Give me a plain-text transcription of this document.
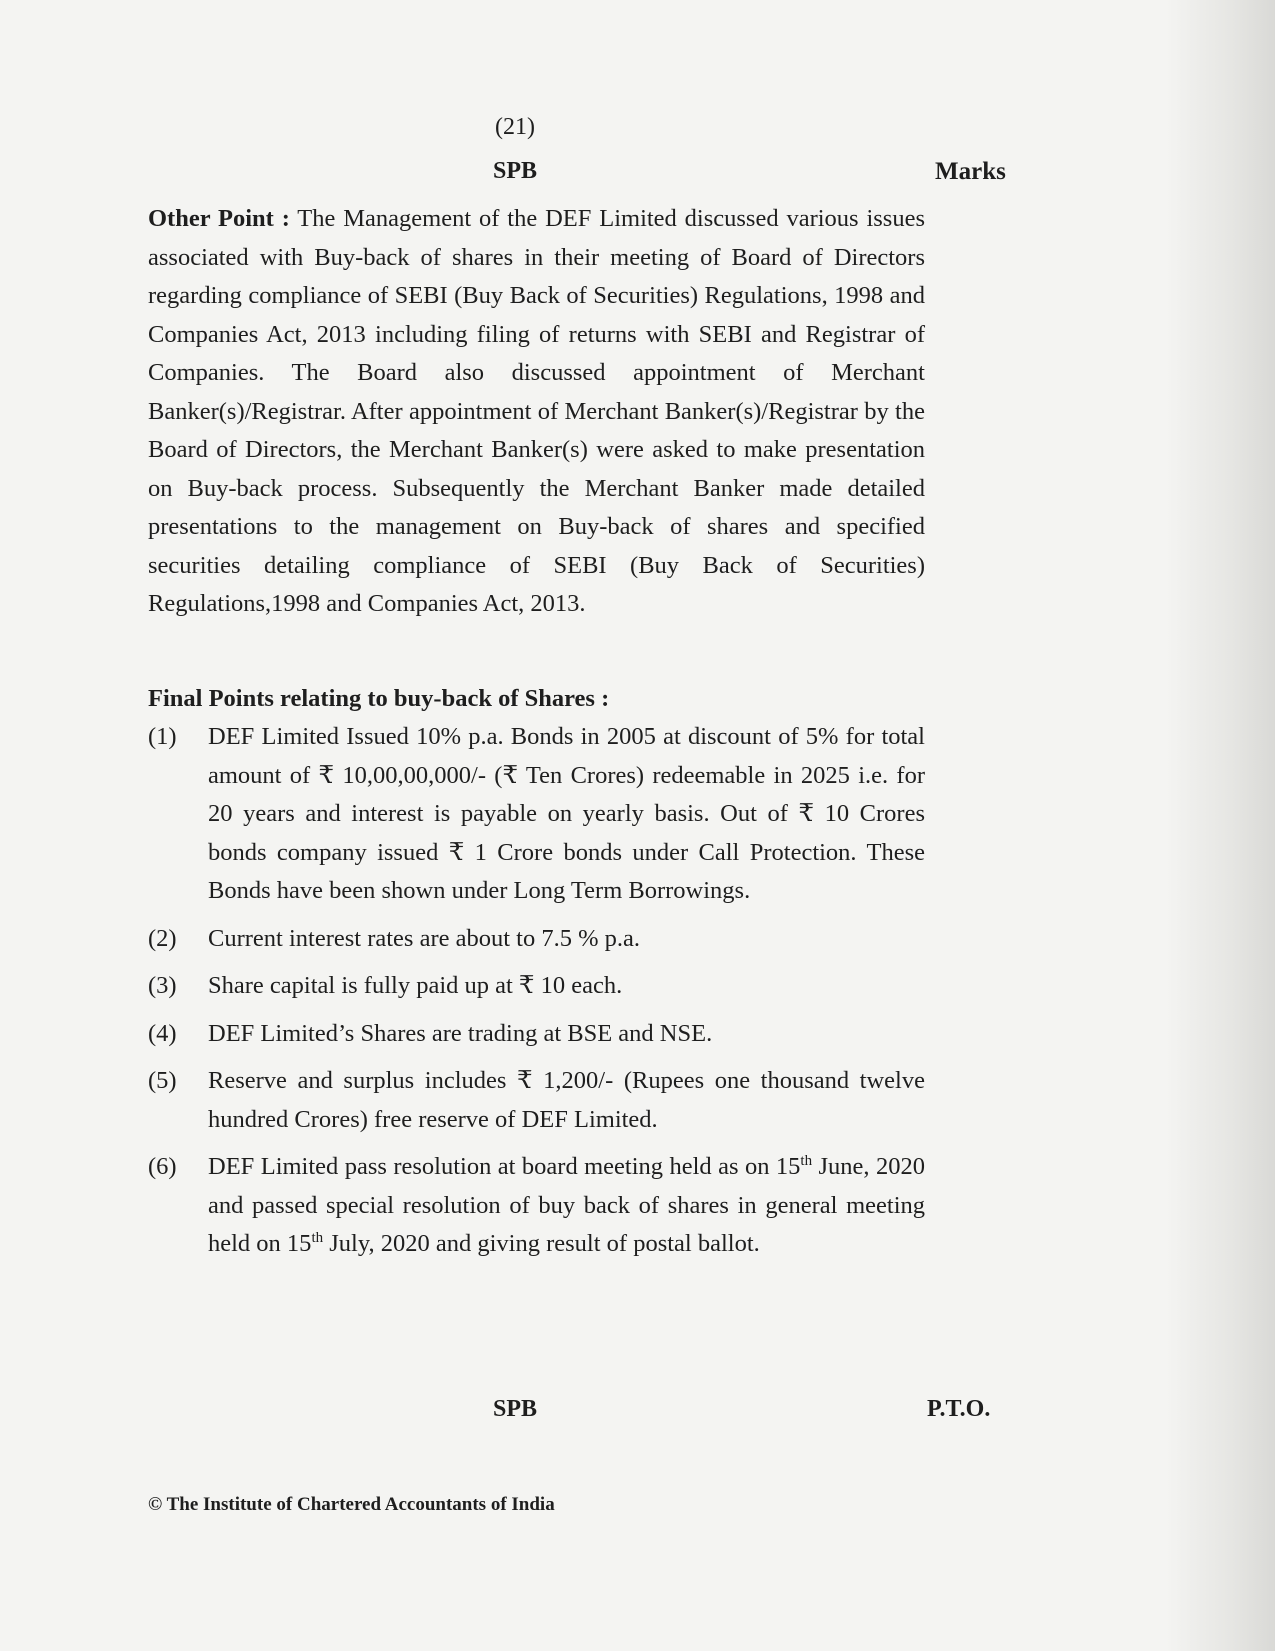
(21)
SPB	Marks

Other Point : The Management of the DEF Limited discussed various issues associated with Buy-back of shares in their meeting of Board of Directors regarding compliance of SEBI (Buy Back of Securities) Regulations, 1998 and Companies Act, 2013 including filing of returns with SEBI and Registrar of Companies. The Board also discussed appointment of Merchant Banker(s)/Registrar. After appointment of Merchant Banker(s)/Registrar by the Board of Directors, the Merchant Banker(s) were asked to make presentation on Buy-back process. Subsequently the Merchant Banker made detailed presentations to the management on Buy-back of shares and specified securities detailing compliance of SEBI (Buy Back of Securities) Regulations,1998 and Companies Act, 2013.

Final Points relating to buy-back of Shares :

(1) DEF Limited Issued 10% p.a. Bonds in 2005 at discount of 5% for total amount of ₹ 10,00,00,000/- (₹ Ten Crores) redeemable in 2025 i.e. for 20 years and interest is payable on yearly basis. Out of ₹ 10 Crores bonds company issued ₹ 1 Crore bonds under Call Protection. These Bonds have been shown under Long Term Borrowings.
(2) Current interest rates are about to 7.5 % p.a.
(3) Share capital is fully paid up at ₹ 10 each.
(4) DEF Limited’s Shares are trading at BSE and NSE.
(5) Reserve and surplus includes ₹ 1,200/- (Rupees one thousand twelve hundred Crores) free reserve of DEF Limited.
(6) DEF Limited pass resolution at board meeting held as on 15th June, 2020 and passed special resolution of buy back of shares in general meeting held on 15th July, 2020 and giving result of postal ballot.
SPB	P.T.O.
© The Institute of Chartered Accountants of India
